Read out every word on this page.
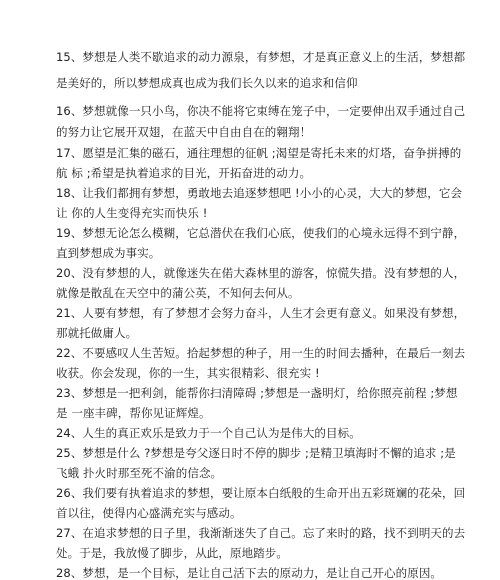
15、梦想是人类不歇追求的动力源泉，有梦想，才是真正意义上的生活，梦想都
是美好的，所以梦想成真也成为我们长久以来的追求和信仰
16、梦想就像一只小鸟，你决不能将它束缚在笼子中，一定要伸出双手通过自己
的努力让它展开双翅，在蓝天中自由自在的翱翔！
17、愿望是汇集的磁石，通往理想的征帆 ;渴望是寄托未来的灯塔，奋争拼搏的
航 标 ;希望是执着追求的目光，开拓奋进的动力。
18、让我们都拥有梦想，勇敢地去追逐梦想吧 !小小的心灵，大大的梦想，它会
让 你的人生变得充实而快乐 !
19、梦想无论怎么模糊，它总潜伏在我们心底，使我们的心境永远得不到宁静，
直到梦想成为事实。
20、没有梦想的人，就像迷失在偌大森林里的游客，惊慌失措。没有梦想的人，
就像是散乱在天空中的蒲公英，不知何去何从。
21、人要有梦想，有了梦想才会努力奋斗，人生才会更有意义。如果没有梦想，
那就托做庸人。
22、不要感叹人生苦短。拾起梦想的种子，用一生的时间去播种，在最后一刻去
收获。你会发现，你的一生，其实很精彩、很充实 !
23、梦想是一把利剑，能帮你扫清障碍 ;梦想是一盏明灯，给你照亮前程 ;梦想
是 一座丰碑，帮你见证辉煌。
24、人生的真正欢乐是致力于一个自己认为是伟大的目标。
25、梦想是什么 ?梦想是夸父逐日时不停的脚步 ;是精卫填海时不懈的追求 ;是
飞蛾 扑火时那至死不渝的信念。
26、我们要有执着追求的梦想，要让原本白纸般的生命开出五彩斑斓的花朵，回
首以往，使得内心盛满充实与感动。
27、在追求梦想的日子里，我渐渐迷失了自己。忘了来时的路，找不到明天的去
处。于是，我放慢了脚步，从此，原地踏步。
28、梦想，是一个目标，是让自己活下去的原动力，是让自己开心的原因。
